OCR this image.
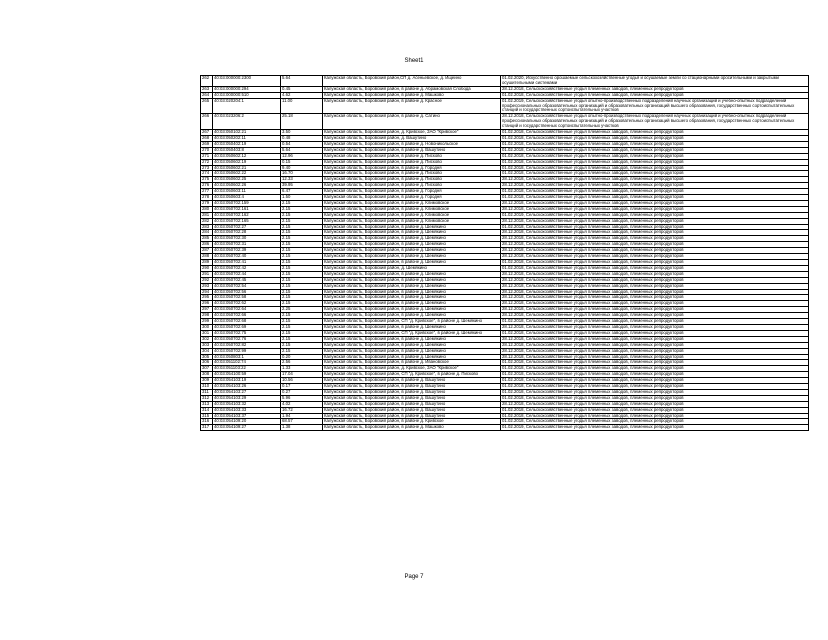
Sheet1
262	40:03:000000:2300	5.64	Калужская область, Боровский район,СП д. Асеньевское, д. Ищеино	01.02.2020, Искусственно орошаемые сельскохозяйственные угодья и осушаемые земли со стационарными оросительными и закрытыми осушительными системами
263	40:03:000000:294	0.45	Калужская область, Боровский район, в районе д. Абрамовская Слобода	28.12.2018, Сельскохозяйственные угодья племенных заводов, племенных репродукторов
264	40:03:000000:510	4.62	Калужская область, Боровский район, в районе д. Машково	01.02.2018, Сельскохозяйственные угодья племенных заводов, племенных репродукторов
265	40:03:020204:1	11.00	Калужская область, Боровский район, в районе д. Красное	01.02.2019, Сельскохозяйственные угодья опытно-производственных подразделений научных организаций и учебно-опытных подразделений профессиональных образовательных организаций и образовательных организаций высшего образования, государственных сортоиспытательных станций и государственных сортоиспытательных участков
266	40:03:023206:2	25.18	Калужская область, Боровский район, в районе д. Сатино	28.12.2018, Сельскохозяйственные угодья опытно-производственных подразделений научных организаций и учебно-опытных подразделений профессиональных образовательных организаций и образовательных организаций высшего образования, государственных сортоиспытательных станций и государственных сортоиспытательных участков
267	40:03:050102:21	3.50	Калужская область, Боровский район, д. Кривское, ЗАО "Кривское"	01.02.2018, Сельскохозяйственные угодья племенных заводов, племенных репродукторов
268	40:03:050202:11	0.48	Калужская область, Боровский район, д. Вашутино	01.02.2018, Сельскохозяйственные угодья племенных заводов, племенных репродукторов
269	40:03:050402:19	0.54	Калужская область, Боровский район, в районе д. Новоникольское	01.02.2018, Сельскохозяйственные угодья племенных заводов, племенных репродукторов
270	40:03:050403:8	5.64	Калужская область, Боровский район, в районе д. Вашутино	01.02.2018, Сельскохозяйственные угодья племенных заводов, племенных репродукторов
271	40:03:050602:12	12.96	Калужская область, Боровский район, в районе д. Писково	01.02.2018, Сельскохозяйственные угодья племенных заводов, племенных репродукторов
272	40:03:050602:19	0.15	Калужская область, Боровский район, в районе д. Писково	01.02.2018, Сельскохозяйственные угодья племенных заводов, племенных репродукторов
273	40:03:050602:21	9.40	Калужская область, Боровский район, в районе д. Городня	01.02.2018, Сельскохозяйственные угодья племенных заводов, племенных репродукторов
274	40:03:050602:22	16.70	Калужская область, Боровский район, в районе д. Писково	01.02.2018, Сельскохозяйственные угодья племенных заводов, племенных репродукторов
275	40:03:050602:25	12.33	Калужская область, Боровский район, в районе д. Писково	28.12.2018, Сельскохозяйственные угодья племенных заводов, племенных репродукторов
276	40:03:050602:26	39.95	Калужская область, Боровский район, в районе д. Писково	28.12.2018, Сельскохозяйственные угодья племенных заводов, племенных репродукторов
277	40:03:050603:11	6.47	Калужская область, Боровский район, в районе д. Городня	01.02.2018, Сельскохозяйственные угодья племенных заводов, племенных репродукторов
278	40:03:050603:4	1.50	Калужская область, Боровский район, в районе д. Городня	01.02.2018, Сельскохозяйственные угодья племенных заводов, племенных репродукторов
279	40:03:050702:159	2.15	Калужская область, Боровский район, в районе д. Климовское	28.12.2018, Сельскохозяйственные угодья племенных заводов, племенных репродукторов
280	40:03:050702:161	2.15	Калужская область, Боровский район, в районе д. Климовское	28.12.2018, Сельскохозяйственные угодья племенных заводов, племенных репродукторов
281	40:03:050702:162	2.15	Калужская область, Боровский район, в районе д. Климовское	01.02.2019, Сельскохозяйственные угодья племенных заводов, племенных репродукторов
282	40:03:050702:165	2.15	Калужская область, Боровский район, в районе д. Климовское	28.12.2018, Сельскохозяйственные угодья племенных заводов, племенных репродукторов
283	40:03:050702:27	2.15	Калужская область, Боровский район, в районе д. Шемякино	01.02.2018, Сельскохозяйственные угодья племенных заводов, племенных репродукторов
284	40:03:050702:28	2.15	Калужская область, Боровский район, в районе д. Шемякино	28.12.2018, Сельскохозяйственные угодья племенных заводов, племенных репродукторов
285	40:03:050702:30	2.15	Калужская область, Боровский район, в районе д. Шемякино	28.12.2018, Сельскохозяйственные угодья племенных заводов, племенных репродукторов
286	40:03:050702:31	2.15	Калужская область, Боровский район, в районе д. Шемякино	28.12.2018, Сельскохозяйственные угодья племенных заводов, племенных репродукторов
287	40:03:050702:39	2.15	Калужская область, Боровский район, в районе д. Шемякино	28.12.2018, Сельскохозяйственные угодья племенных заводов, племенных репродукторов
288	40:03:050702:40	2.15	Калужская область, Боровский район, в районе д. Шемякино	28.12.2018, Сельскохозяйственные угодья племенных заводов, племенных репродукторов
289	40:03:050702:41	2.15	Калужская область, Боровский район, в районе д. Шемякино	01.02.2018, Сельскохозяйственные угодья племенных заводов, племенных репродукторов
290	40:03:050702:42	2.15	Калужская область, Боровский район, д. Шемякино	01.02.2018, Сельскохозяйственные угодья племенных заводов, племенных репродукторов
291	40:03:050702:44	2.15	Калужская область, Боровский район, в районе д. Шемякино	28.12.2018, Сельскохозяйственные угодья племенных заводов, племенных репродукторов
292	40:03:050702:45	2.15	Калужская область, Боровский район, в районе д. Шемякино	28.12.2018, Сельскохозяйственные угодья племенных заводов, племенных репродукторов
293	40:03:050702:54	2.15	Калужская область, Боровский район, в районе д. Шемякино	28.12.2018, Сельскохозяйственные угодья племенных заводов, племенных репродукторов
294	40:03:050702:56	2.15	Калужская область, Боровский район, в районе д. Шемякино	28.12.2018, Сельскохозяйственные угодья племенных заводов, племенных репродукторов
295	40:03:050702:58	2.15	Калужская область, Боровский район, в районе д. Шемякино	28.12.2018, Сельскохозяйственные угодья племенных заводов, племенных репродукторов
296	40:03:050702:62	2.15	Калужская область, Боровский район, в районе д. Шемякино	28.12.2018, Сельскохозяйственные угодья племенных заводов, племенных репродукторов
297	40:03:050702:64	2.25	Калужская область, Боровский район, в районе д. Шемякино	28.12.2018, Сельскохозяйственные угодья племенных заводов, племенных репродукторов
298	40:03:050702:66	2.15	Калужская область, Боровский район, в районе д. Шемякино	28.12.2018, Сельскохозяйственные угодья племенных заводов, племенных репродукторов
299	40:03:050702:68	2.15	Калужская область, Боровский район, СП "д. Кривское", в районе д. Шемякино	01.02.2018, Сельскохозяйственные угодья племенных заводов, племенных репродукторов
300	40:03:050702:69	2.15	Калужская область, Боровский район, в районе д. Шемякино	28.12.2018, Сельскохозяйственные угодья племенных заводов, племенных репродукторов
301	40:03:050702:75	2.15	Калужская область, Боровский район, СП "д. Кривское", в районе д. Шемякино	01.02.2018, Сельскохозяйственные угодья племенных заводов, племенных репродукторов
302	40:03:050702:76	2.15	Калужская область, Боровский район, в районе д. Шемякино	28.12.2018, Сельскохозяйственные угодья племенных заводов, племенных репродукторов
303	40:03:050702:82	2.15	Калужская область, Боровский район, в районе д. Шемякино	28.12.2018, Сельскохозяйственные угодья племенных заводов, племенных репродукторов
304	40:03:050702:99	2.15	Калужская область, Боровский район, в районе д. Шемякино	28.12.2018, Сельскохозяйственные угодья племенных заводов, племенных репродукторов
305	40:03:050803:1	0.20	Калужская область, Боровский район, в районе д. Шемякино	28.12.2018, Сельскохозяйственные угодья племенных заводов, племенных репродукторов
306	40:03:051102:74	2.56	Калужская область, Боровский район, в районе д. Ивановское	01.02.2018, Сельскохозяйственные угодья племенных заводов, племенных репродукторов
307	40:03:051103:22	1.33	Калужская область, Боровский район, д. Кривское, ЗАО "Кривское"	01.02.2018, Сельскохозяйственные угодья племенных заводов, племенных репродукторов
308	40:03:054100:59	17.04	Калужская область, Боровский район, СП "д. Кривское", в районе д. Писково	01.02.2018, Сельскохозяйственные угодья племенных заводов, племенных репродукторов
309	40:03:054103:19	10.56	Калужская область, Боровский район, в районе д. Вашутино	01.02.2018, Сельскохозяйственные угодья племенных заводов, племенных репродукторов
310	40:03:054103:26	0.17	Калужская область, Боровский район, в районе д. Вашутино	01.02.2018, Сельскохозяйственные угодья племенных заводов, племенных репродукторов
311	40:03:054103:27	0.27	Калужская область, Боровский район, в районе д. Вашутино	01.02.2018, Сельскохозяйственные угодья племенных заводов, племенных репродукторов
312	40:03:054103:29	5.96	Калужская область, Боровский район, в районе д. Вашутино	01.02.2018, Сельскохозяйственные угодья племенных заводов, племенных репродукторов
313	40:03:054103:32	4.02	Калужская область, Боровский район, в районе д. Вашутино	28.12.2018, Сельскохозяйственные угодья племенных заводов, племенных репродукторов
314	40:03:054103:33	16.72	Калужская область, Боровский район, в районе д. Вашутино	01.02.2018, Сельскохозяйственные угодья племенных заводов, племенных репродукторов
315	40:03:054103:37	1.94	Калужская область, Боровский район, в районе д. Вашутино	01.02.2018, Сельскохозяйственные угодья племенных заводов, племенных репродукторов
316	40:03:054109:20	68.57	Калужская область, Боровский район, в районе д. Кривское	01.02.2018, Сельскохозяйственные угодья племенных заводов, племенных репродукторов
317	40:03:054109:27	1.38	Калужская область, Боровский район, в районе д. Машково	01.02.2019, Сельскохозяйственные угодья племенных заводов, племенных репродукторов
Page 7
